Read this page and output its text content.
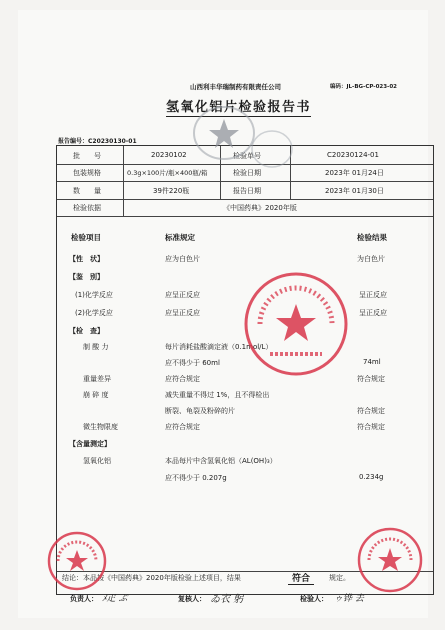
山西利丰华瑞制药有限责任公司	编码：JL-BG-CP-023-02
氢氧化铝片检验报告书
报告编号：C20230130-01
批　　号	20230102	检验单号	C20230124-01
包装规格	0.3g×100片/瓶×400瓶/箱	检验日期	2023年 01月24日
数　　量	39件220瓶	报告日期	2023年 01月30日
检验依据	《中国药典》2020年版
检验项目	标准规定	检验结果
【性　状】	应为白色片	为白色片
【鉴　别】
(1)化学反应	应呈正反应	呈正反应
(2)化学反应	应呈正反应	呈正反应
【检　查】
制 酸 力	每片消耗盐酸滴定液（0.1mol/L）
应不得少于 60ml	74ml
重量差异	应符合规定	符合规定
崩 碎 度	减失重量不得过 1%，且不得检出
断裂、龟裂及粉碎的片	符合规定
微生物限度	应符合规定	符合规定
【含量测定】
氢氧化铝	本品每片中含氢氧化铝（AL(OH)₃）
应不得少于 0.207g	0.234g
结论：本品按《中国药典》2020年版检验上述项目，结果	符合	规定。
负责人： ﾒ疋 ぶ	复核人： ゐ衣 躬	检验人： ゥ铧 去
